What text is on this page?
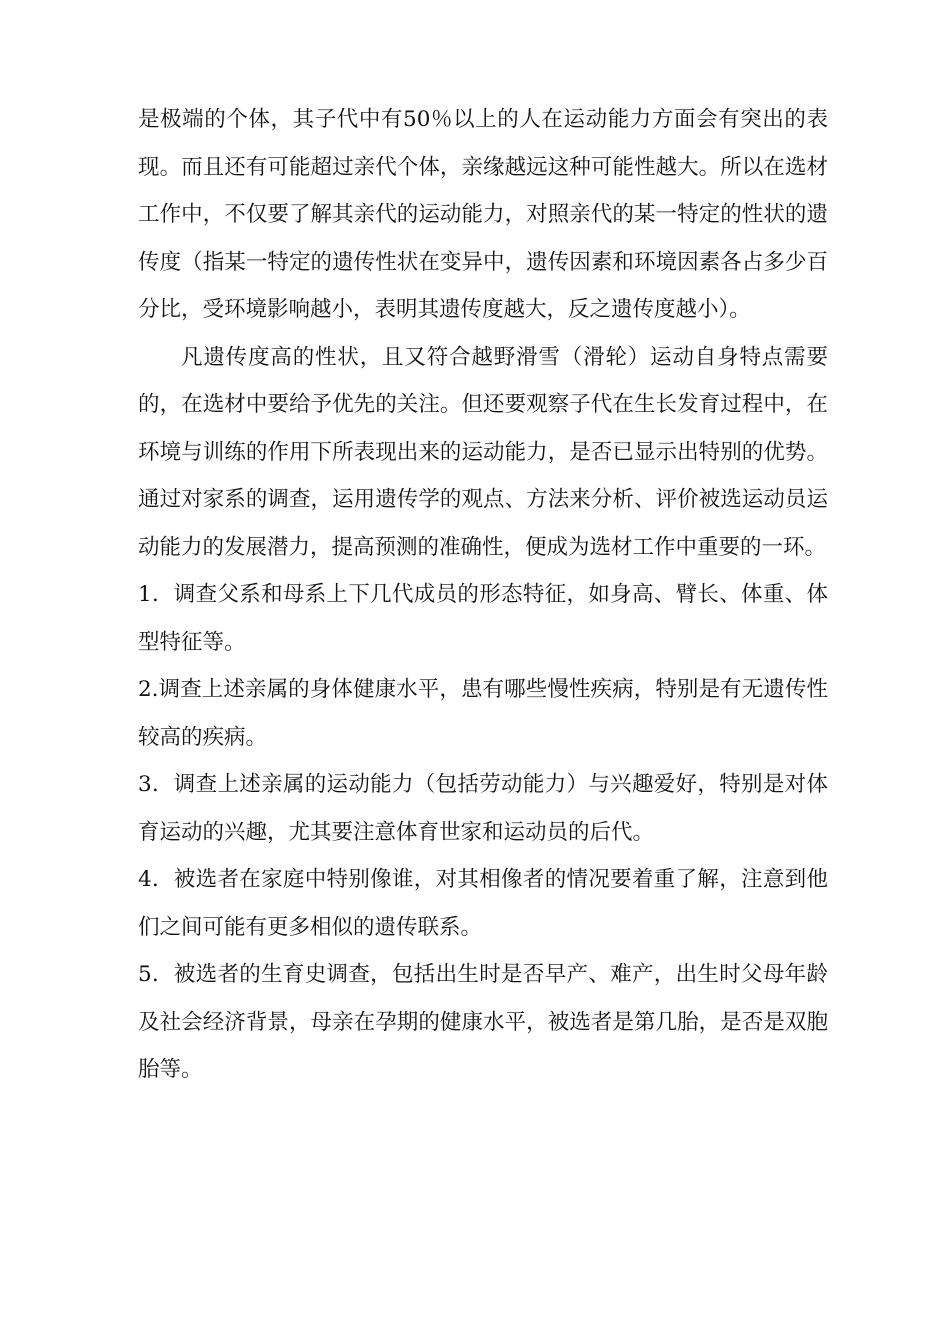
是极端的个体，其子代中有50％以上的人在运动能力方面会有突出的表现。而且还有可能超过亲代个体，亲缘越远这种可能性越大。所以在选材工作中，不仅要了解其亲代的运动能力，对照亲代的某一特定的性状的遗传度（指某一特定的遗传性状在变异中，遗传因素和环境因素各占多少百分比，受环境影响越小，表明其遗传度越大，反之遗传度越小）。

凡遗传度高的性状，且又符合越野滑雪（滑轮）运动自身特点需要的，在选材中要给予优先的关注。但还要观察子代在生长发育过程中，在环境与训练的作用下所表现出来的运动能力，是否已显示出特别的优势。通过对家系的调查，运用遗传学的观点、方法来分析、评价被选运动员运动能力的发展潜力，提高预测的准确性，便成为选材工作中重要的一环。

1．调查父系和母系上下几代成员的形态特征，如身高、臂长、体重、体型特征等。

2.调查上述亲属的身体健康水平，患有哪些慢性疾病，特别是有无遗传性较高的疾病。

3．调查上述亲属的运动能力（包括劳动能力）与兴趣爱好，特别是对体育运动的兴趣，尤其要注意体育世家和运动员的后代。

4．被选者在家庭中特别像谁，对其相像者的情况要着重了解，注意到他们之间可能有更多相似的遗传联系。

5．被选者的生育史调查，包括出生时是否早产、难产，出生时父母年龄及社会经济背景，母亲在孕期的健康水平，被选者是第几胎，是否是双胞胎等。
